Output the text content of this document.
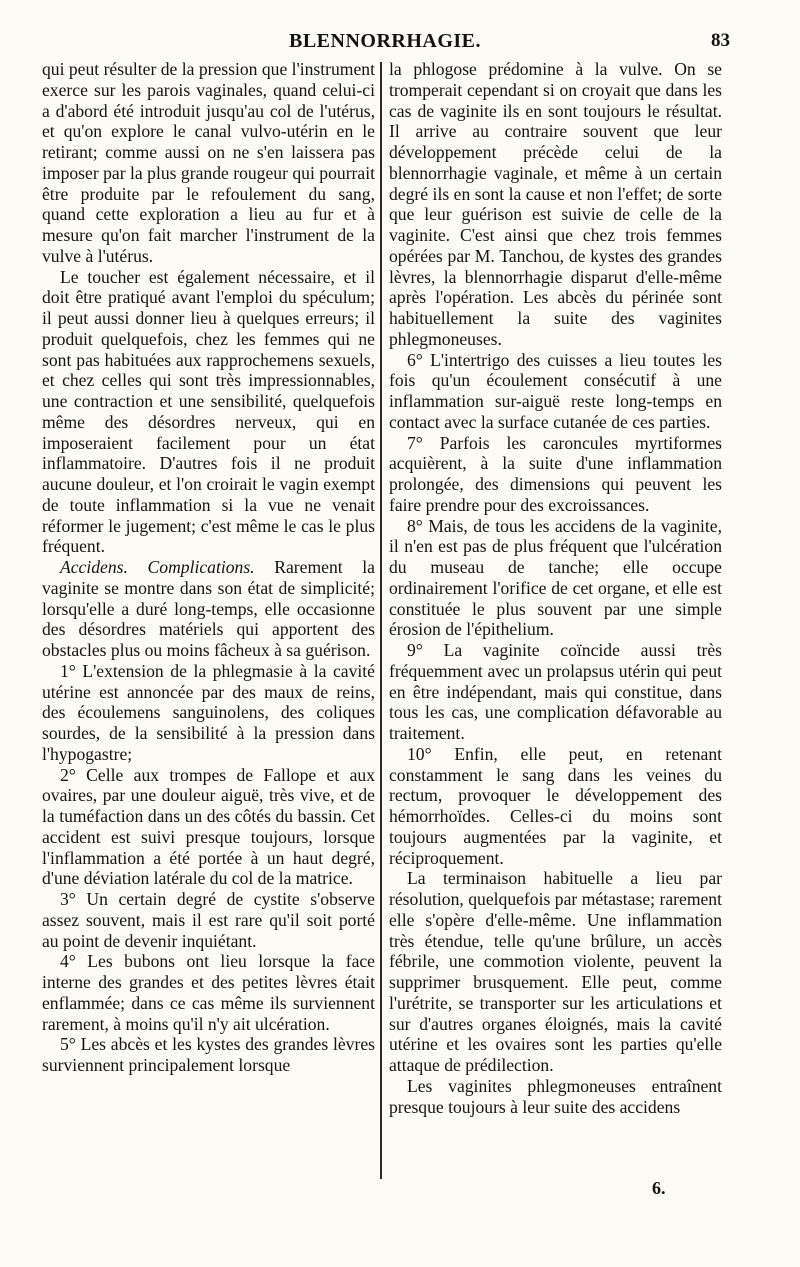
BLENNORRHAGIE.	83

qui peut résulter de la pression que l'instrument exerce sur les parois vaginales, quand celui-ci a d'abord été introduit jusqu'au col de l'utérus, et qu'on explore le canal vulvo-utérin en le retirant; comme aussi on ne s'en laissera pas imposer par la plus grande rougeur qui pourrait être produite par le refoulement du sang, quand cette exploration a lieu au fur et à mesure qu'on fait marcher l'instrument de la vulve à l'utérus.

Le toucher est également nécessaire, et il doit être pratiqué avant l'emploi du spéculum; il peut aussi donner lieu à quelques erreurs; il produit quelquefois, chez les femmes qui ne sont pas habituées aux rapprochemens sexuels, et chez celles qui sont très impressionnables, une contraction et une sensibilité, quelquefois même des désordres nerveux, qui en imposeraient facilement pour un état inflammatoire. D'autres fois il ne produit aucune douleur, et l'on croirait le vagin exempt de toute inflammation si la vue ne venait réformer le jugement; c'est même le cas le plus fréquent.

Accidens. Complications. Rarement la vaginite se montre dans son état de simplicité; lorsqu'elle a duré long-temps, elle occasionne des désordres matériels qui apportent des obstacles plus ou moins fâcheux à sa guérison.

1° L'extension de la phlegmasie à la cavité utérine est annoncée par des maux de reins, des écoulemens sanguinolens, des coliques sourdes, de la sensibilité à la pression dans l'hypogastre;

2° Celle aux trompes de Fallope et aux ovaires, par une douleur aiguë, très vive, et de la tuméfaction dans un des côtés du bassin. Cet accident est suivi presque toujours, lorsque l'inflammation a été portée à un haut degré, d'une déviation latérale du col de la matrice.

3° Un certain degré de cystite s'observe assez souvent, mais il est rare qu'il soit porté au point de devenir inquiétant.

4° Les bubons ont lieu lorsque la face interne des grandes et des petites lèvres était enflammée; dans ce cas même ils surviennent rarement, à moins qu'il n'y ait ulcération.

5° Les abcès et les kystes des grandes lèvres surviennent principalement lorsque

la phlogose prédomine à la vulve. On se tromperait cependant si on croyait que dans les cas de vaginite ils en sont toujours le résultat. Il arrive au contraire souvent que leur développement précède celui de la blennorrhagie vaginale, et même à un certain degré ils en sont la cause et non l'effet; de sorte que leur guérison est suivie de celle de la vaginite. C'est ainsi que chez trois femmes opérées par M. Tanchou, de kystes des grandes lèvres, la blennorrhagie disparut d'elle-même après l'opération. Les abcès du périnée sont habituellement la suite des vaginites phlegmoneuses.

6° L'intertrigo des cuisses a lieu toutes les fois qu'un écoulement consécutif à une inflammation sur-aiguë reste long-temps en contact avec la surface cutanée de ces parties.

7° Parfois les caroncules myrtiformes acquièrent, à la suite d'une inflammation prolongée, des dimensions qui peuvent les faire prendre pour des excroissances.

8° Mais, de tous les accidens de la vaginite, il n'en est pas de plus fréquent que l'ulcération du museau de tanche; elle occupe ordinairement l'orifice de cet organe, et elle est constituée le plus souvent par une simple érosion de l'épithelium.

9° La vaginite coïncide aussi très fréquemment avec un prolapsus utérin qui peut en être indépendant, mais qui constitue, dans tous les cas, une complication défavorable au traitement.

10° Enfin, elle peut, en retenant constamment le sang dans les veines du rectum, provoquer le développement des hémorrhoïdes. Celles-ci du moins sont toujours augmentées par la vaginite, et réciproquement.

La terminaison habituelle a lieu par résolution, quelquefois par métastase; rarement elle s'opère d'elle-même. Une inflammation très étendue, telle qu'une brûlure, un accès fébrile, une commotion violente, peuvent la supprimer brusquement. Elle peut, comme l'urétrite, se transporter sur les articulations et sur d'autres organes éloignés, mais la cavité utérine et les ovaires sont les parties qu'elle attaque de prédilection.

Les vaginites phlegmoneuses entraînent presque toujours à leur suite des accidens

6.
